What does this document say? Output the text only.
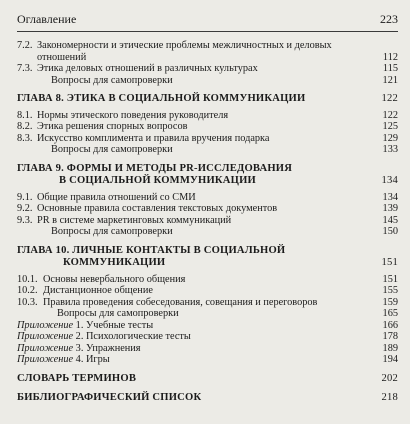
Оглавление	223
7.2. Закономерности и этические проблемы межличностных и деловых
отношений	112
7.3. Этика деловых отношений в различных культурах	115
Вопросы для самопроверки	121
ГЛАВА 8. ЭТИКА В СОЦИАЛЬНОЙ КОММУНИКАЦИИ	122
8.1. Нормы этического поведения руководителя	122
8.2. Этика решения спорных вопросов	125
8.3. Искусство комплимента и правила вручения подарка	129
Вопросы для самопроверки	133
ГЛАВА 9. ФОРМЫ И МЕТОДЫ PR-ИССЛЕДОВАНИЯ
В СОЦИАЛЬНОЙ КОММУНИКАЦИИ	134
9.1. Общие правила отношений со СМИ	134
9.2. Основные правила составления текстовых документов	139
9.3. PR в системе маркетинговых коммуникаций	145
Вопросы для самопроверки	150
ГЛАВА 10. ЛИЧНЫЕ КОНТАКТЫ В СОЦИАЛЬНОЙ
КОММУНИКАЦИИ	151
10.1. Основы невербального общения	151
10.2. Дистанционное общение	155
10.3. Правила проведения собеседования, совещания и переговоров	159
Вопросы для самопроверки	165
Приложение 1. Учебные тесты	166
Приложение 2. Психологические тесты	178
Приложение 3. Упражнения	189
Приложение 4. Игры	194
СЛОВАРЬ ТЕРМИНОВ	202
БИБЛИОГРАФИЧЕСКИЙ СПИСОК	218
